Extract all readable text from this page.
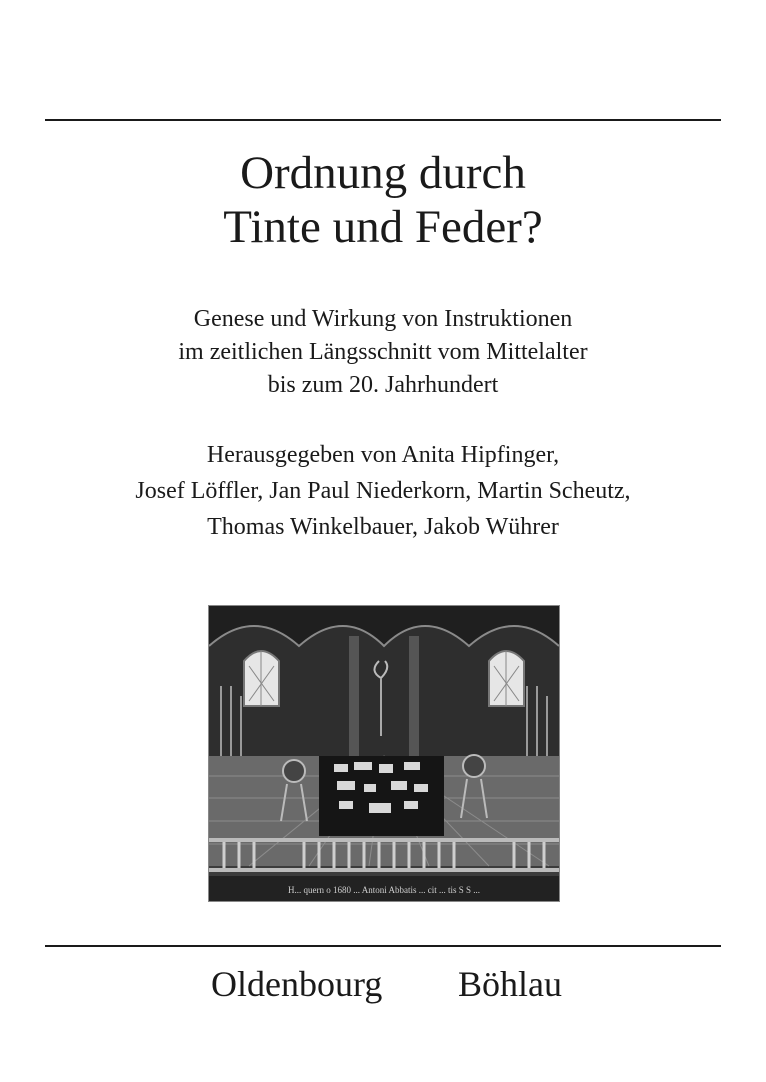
Ordnung durch
Tinte und Feder?

Genese und Wirkung von Instruktionen
im zeitlichen Längsschnitt vom Mittelalter
bis zum 20. Jahrhundert

Herausgegeben von Anita Hipfinger,
Josef Löffler, Jan Paul Niederkorn, Martin Scheutz,
Thomas Winkelbauer, Jakob Wührer

H... quern o 1680 ... Antoni Abbatis ... cit ... tis S S ...
Oldenbourg Böhlau
